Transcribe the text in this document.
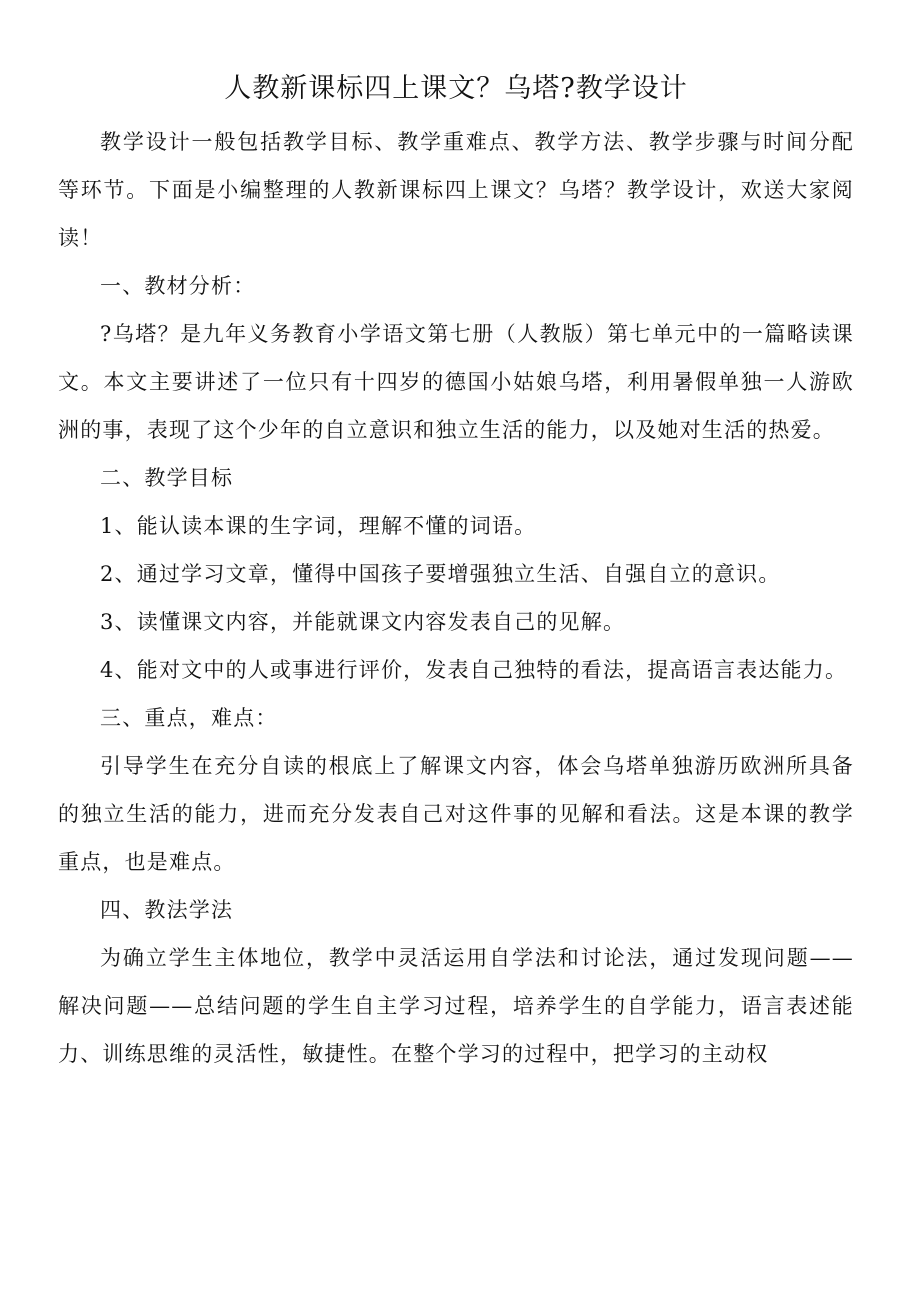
人教新课标四上课文？乌塔?教学设计

教学设计一般包括教学目标、教学重难点、教学方法、教学步骤与时间分配等环节。下面是小编整理的人教新课标四上课文？乌塔？教学设计，欢送大家阅读！

一、教材分析：

?乌塔？是九年义务教育小学语文第七册（人教版）第七单元中的一篇略读课文。本文主要讲述了一位只有十四岁的德国小姑娘乌塔，利用暑假单独一人游欧洲的事，表现了这个少年的自立意识和独立生活的能力，以及她对生活的热爱。

二、教学目标

1、能认读本课的生字词，理解不懂的词语。

2、通过学习文章，懂得中国孩子要增强独立生活、自强自立的意识。

3、读懂课文内容，并能就课文内容发表自己的见解。

4、能对文中的人或事进行评价，发表自己独特的看法，提高语言表达能力。

三、重点，难点：

引导学生在充分自读的根底上了解课文内容，体会乌塔单独游历欧洲所具备的独立生活的能力，进而充分发表自己对这件事的见解和看法。这是本课的教学重点，也是难点。

四、教法学法

为确立学生主体地位，教学中灵活运用自学法和讨论法，通过发现问题——解决问题——总结问题的学生自主学习过程，培养学生的自学能力，语言表述能力、训练思维的灵活性，敏捷性。在整个学习的过程中，把学习的主动权
